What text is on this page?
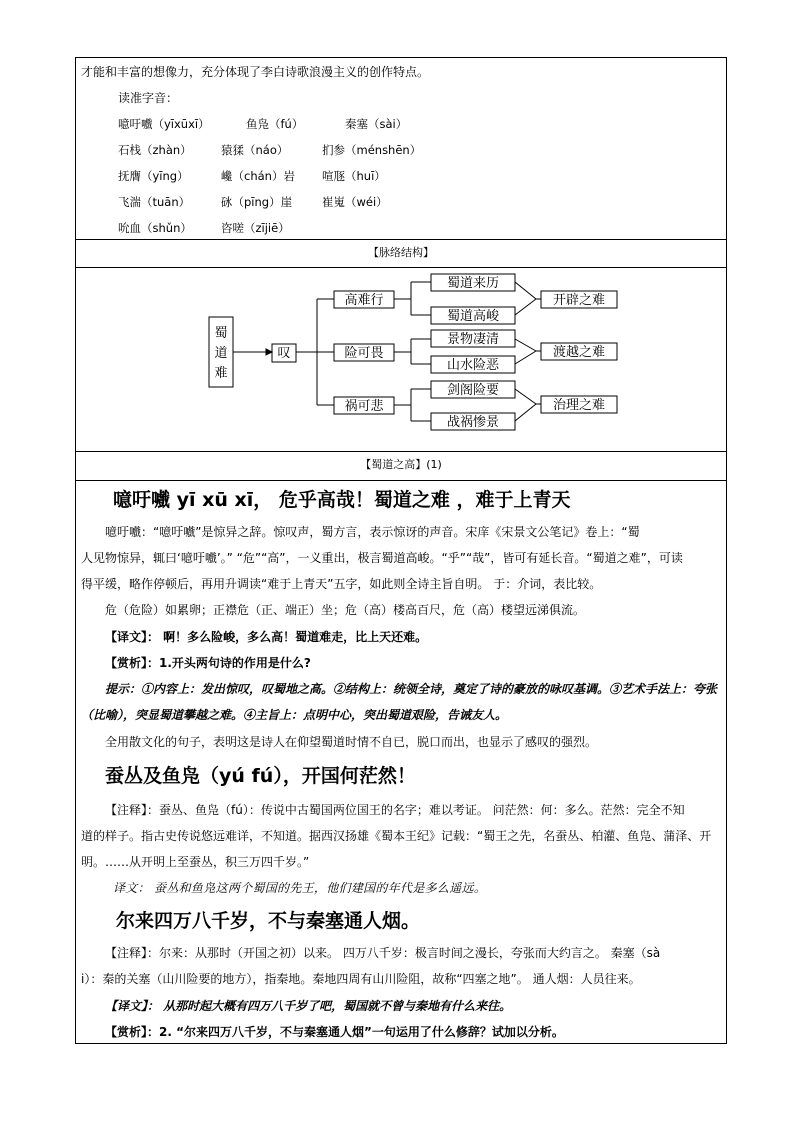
才能和丰富的想像力，充分体现了李白诗歌浪漫主义的创作特点。
读准字音：
噫吁嚱（yīxūxī）	鱼凫（fú）	秦塞（sài）
石栈（zhàn）	猿猱（náo）	扪参（ménshēn）
抚膺（yīng）	巉（chán）岩 喧豗（huī）
飞湍（tuān）	砯（pīng）崖	崔嵬（wéi）
吮血（shǔn）	咨嗟（zījiē）
【脉络结构】
蜀
道
难
叹
高难行
险可畏
祸可悲
蜀道来历
蜀道高峻
景物凄清
山水险恶
剑阁险要
战祸惨景
开辟之难
渡越之难
治理之难
【蜀道之高】(1)
噫吁嚱 yī xū xī， 危乎高哉！蜀道之难 ，难于上青天
噫吁嚱：“噫吁嚱”是惊异之辞。惊叹声，蜀方言，表示惊讶的声音。宋庠《宋景文公笔记》卷上：“蜀
人见物惊异，辄曰‘噫吁嚱’。” “危”“高”，一义重出，极言蜀道高峻。“乎”“哉”，皆可有延长音。“蜀道之难”，可读
得平缓，略作停顿后，再用升调读“难于上青天”五字，如此则全诗主旨自明。 于：介词，表比较。
危（危险）如累卵；正襟危（正、端正）坐；危（高）楼高百尺，危（高）楼望远涕俱流。
【译文】： 啊！多么险峻，多么高！蜀道难走，比上天还难。
【赏析】：1.开头两句诗的作用是什么?
提示：①内容上：发出惊叹，叹蜀地之高。②结构上：统领全诗，奠定了诗的豪放的咏叹基调。③艺术手法上：夸张
（比喻），突显蜀道攀越之难。④主旨上：点明中心，突出蜀道艰险，告诫友人。
全用散文化的句子，表明这是诗人在仰望蜀道时情不自已，脱口而出，也显示了感叹的强烈。
蚕丛及鱼凫（yú fú），开国何茫然！
【注释】：蚕丛、鱼凫（fú）：传说中古蜀国两位国王的名字；难以考证。 问茫然：何：多么。茫然：完全不知
道的样子。指古史传说悠远难详，不知道。据西汉扬雄《蜀本王纪》记载：“蜀王之先，名蚕丛、柏灌、鱼凫、蒲泽、开
明。……从开明上至蚕丛，积三万四千岁。”
译文： 蚕丛和鱼凫这两个蜀国的先王，他们建国的年代是多么遥远。
尔来四万八千岁，不与秦塞通人烟。
【注释】：尔来：从那时（开国之初）以来。 四万八千岁：极言时间之漫长，夸张而大约言之。 秦塞（sà
i）：秦的关塞（山川险要的地方），指秦地。秦地四周有山川险阻，故称“四塞之地”。 通人烟：人员往来。
【译文】： 从那时起大概有四万八千岁了吧，蜀国就不曾与秦地有什么来往。
【赏析】：2. “尔来四万八千岁，不与秦塞通人烟”一句运用了什么修辞？试加以分析。
